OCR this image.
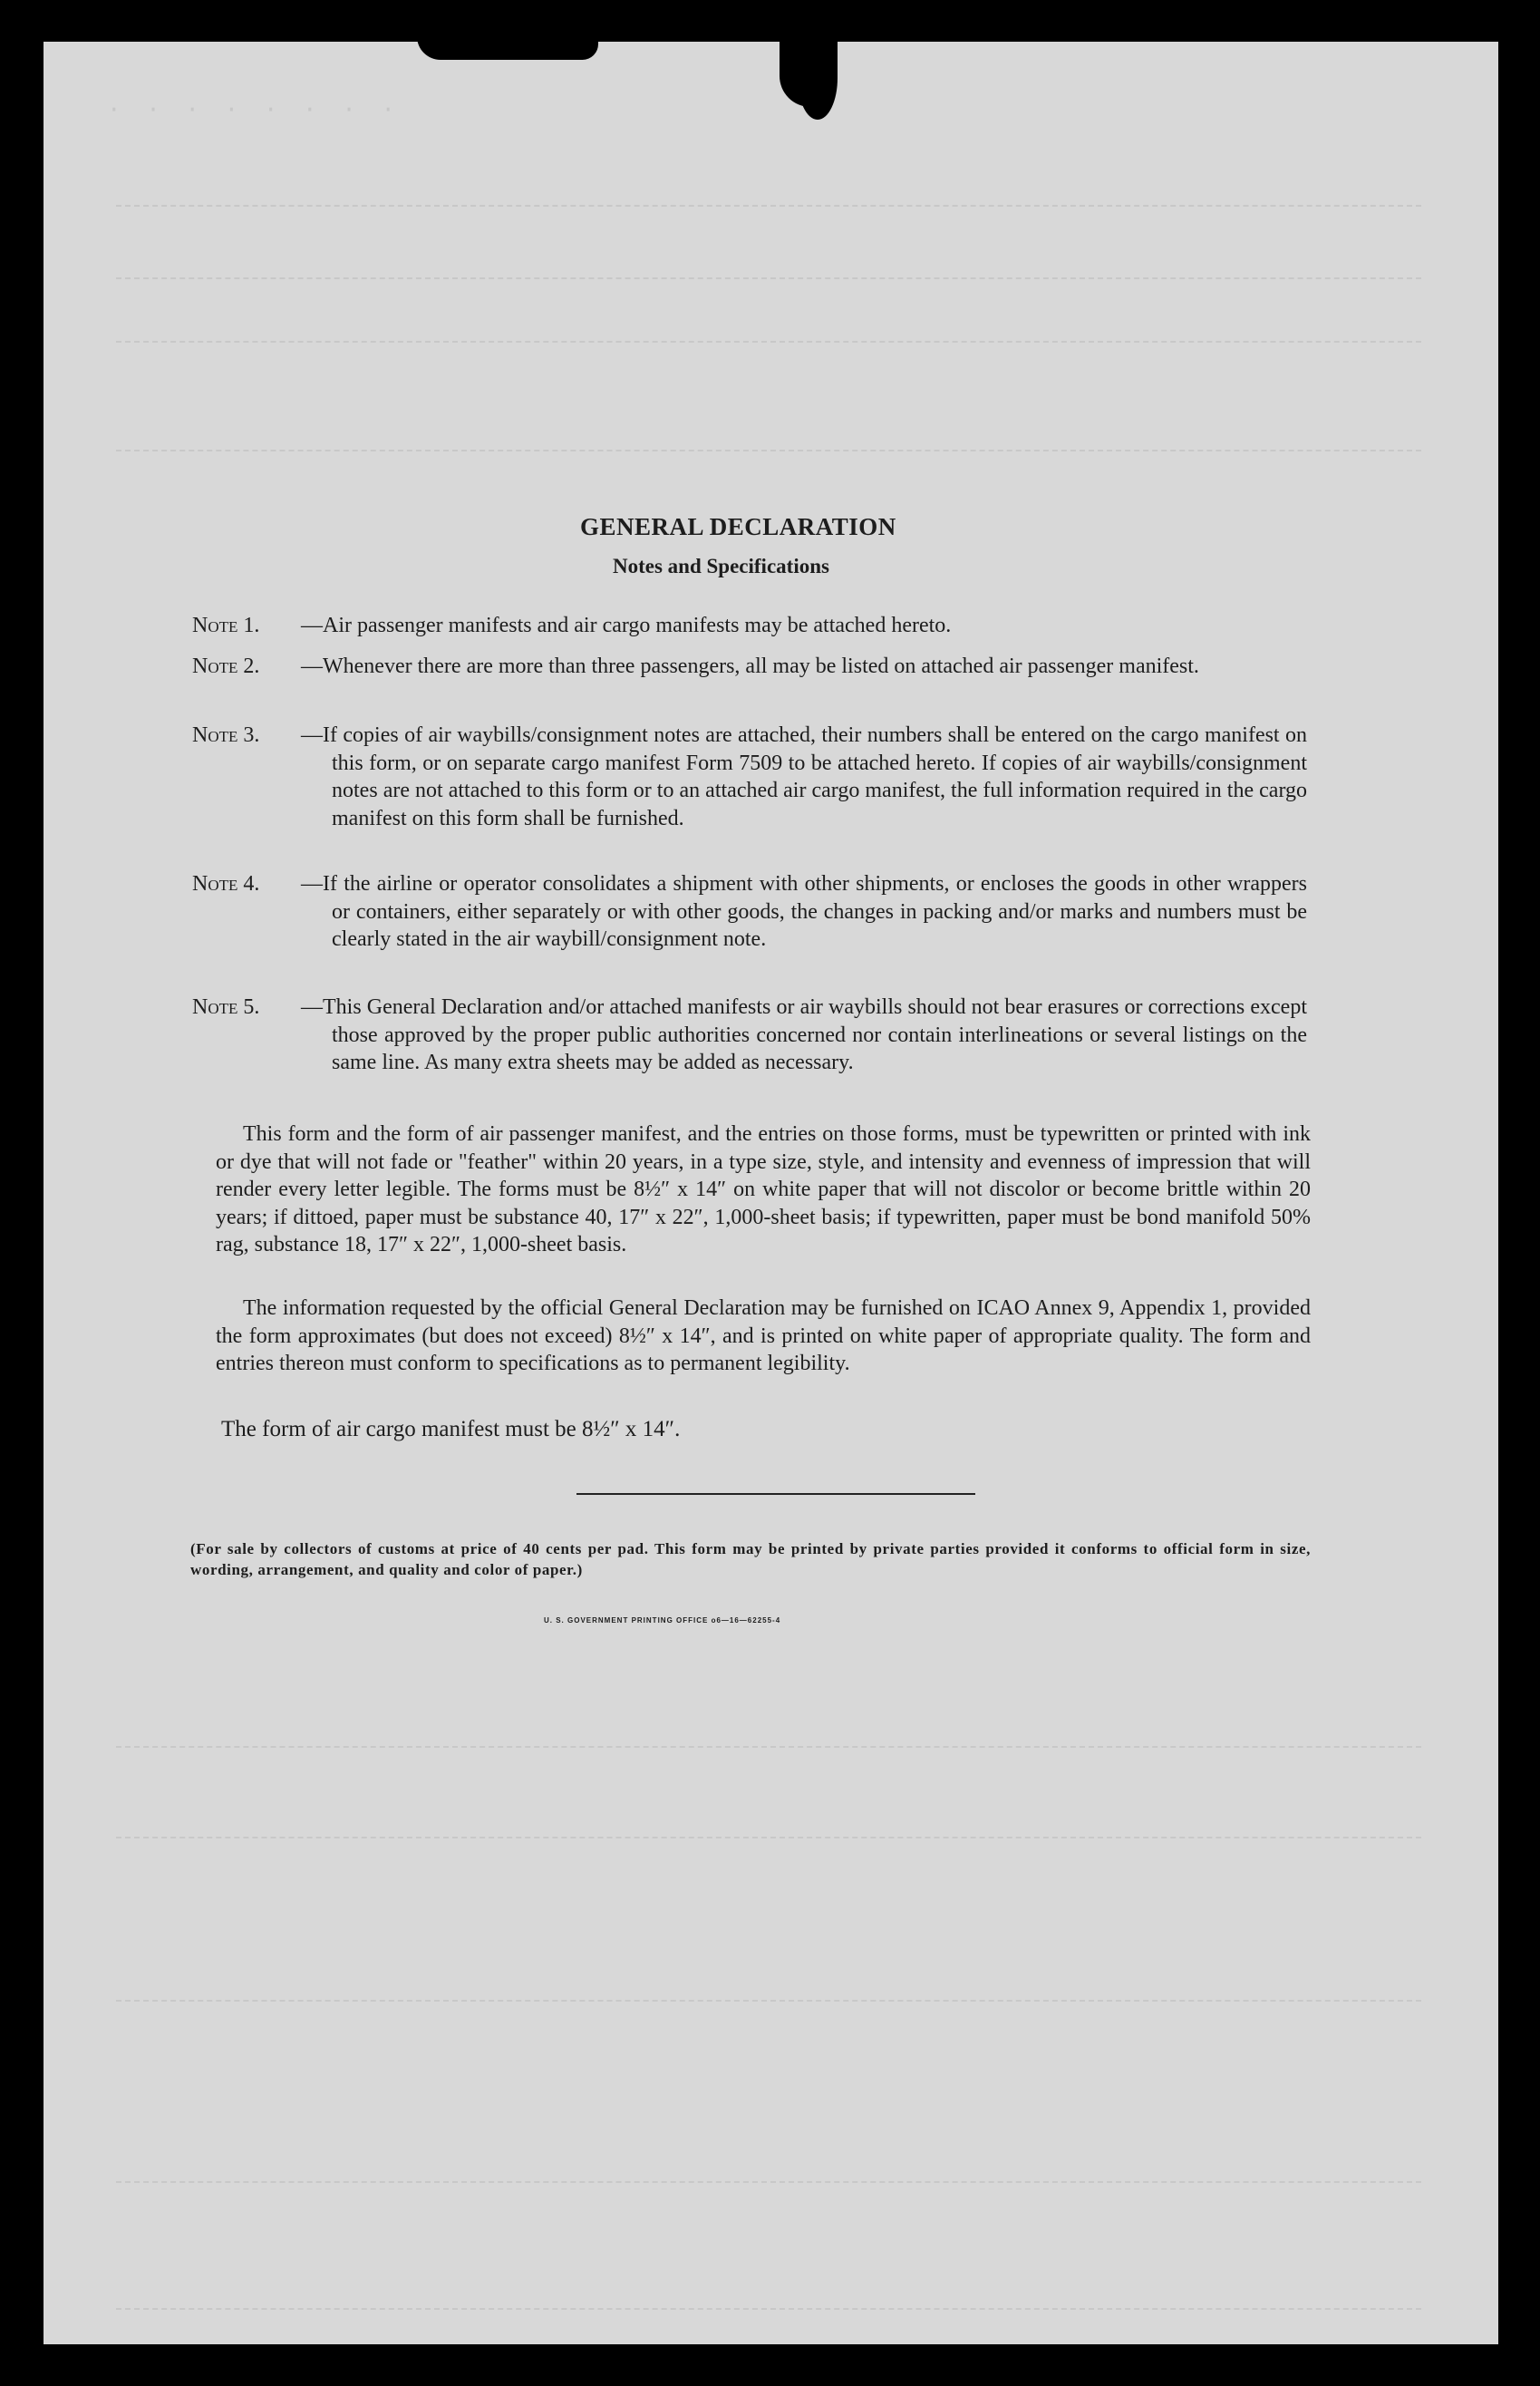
· · · · · · · ·
GENERAL DECLARATION
Notes and Specifications
Note 1. —Air passenger manifests and air cargo manifests may be attached hereto.
Note 2. —Whenever there are more than three passengers, all may be listed on attached air passenger manifest.
Note 3. —If copies of air waybills/consignment notes are attached, their numbers shall be entered on the cargo manifest on this form, or on separate cargo manifest Form 7509 to be attached hereto. If copies of air waybills/consignment notes are not attached to this form or to an attached air cargo manifest, the full information required in the cargo manifest on this form shall be furnished.
Note 4. —If the airline or operator consolidates a shipment with other shipments, or encloses the goods in other wrappers or containers, either separately or with other goods, the changes in packing and/or marks and numbers must be clearly stated in the air waybill/consignment note.
Note 5. —This General Declaration and/or attached manifests or air waybills should not bear erasures or corrections except those approved by the proper public authorities concerned nor contain interlineations or several listings on the same line. As many extra sheets may be added as necessary.
This form and the form of air passenger manifest, and the entries on those forms, must be typewritten or printed with ink or dye that will not fade or "feather" within 20 years, in a type size, style, and intensity and evenness of impression that will render every letter legible. The forms must be 8½″ x 14″ on white paper that will not discolor or become brittle within 20 years; if dittoed, paper must be substance 40, 17″ x 22″, 1,000-sheet basis; if typewritten, paper must be bond manifold 50% rag, substance 18, 17″ x 22″, 1,000-sheet basis.
The information requested by the official General Declaration may be furnished on ICAO Annex 9, Appendix 1, provided the form approximates (but does not exceed) 8½″ x 14″, and is printed on white paper of appropriate quality. The form and entries thereon must conform to specifications as to permanent legibility.
The form of air cargo manifest must be 8½″ x 14″.
(For sale by collectors of customs at price of 40 cents per pad. This form may be printed by private parties provided it conforms to official form in size, wording, arrangement, and quality and color of paper.)
U. S. GOVERNMENT PRINTING OFFICE o6—16—62255-4
